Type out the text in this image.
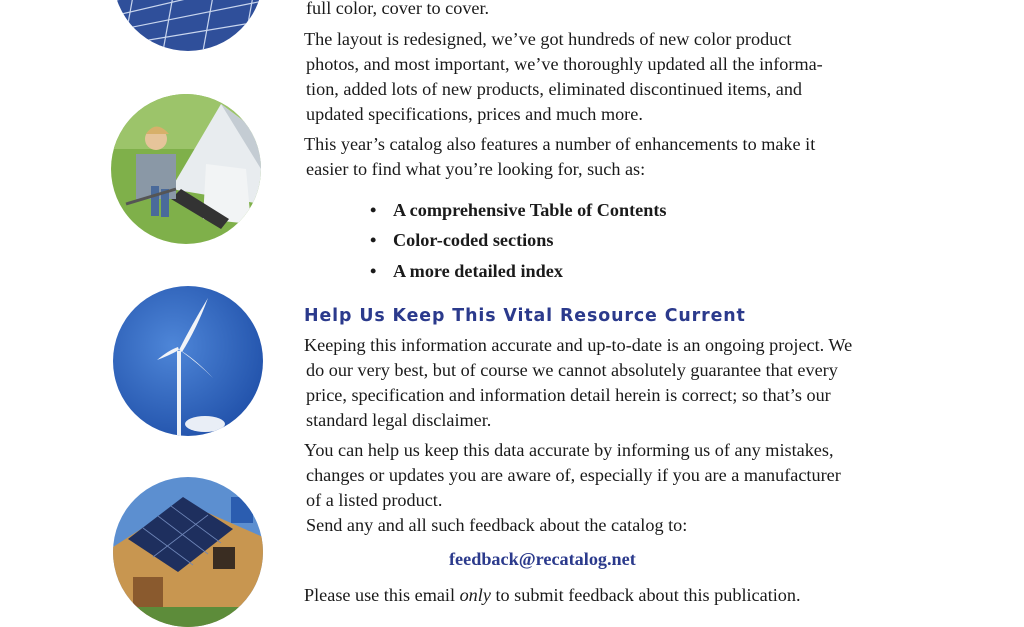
full color, cover to cover.
The layout is redesigned, we’ve got hundreds of new color product
photos, and most important, we’ve thoroughly updated all the informa-
tion, added lots of new products, eliminated discontinued items, and
updated specifications, prices and much more.
This year’s catalog also features a number of enhancements to make it
easier to find what you’re looking for, such as:
• A comprehensive Table of Contents
• Color-coded sections
• A more detailed index
Help Us Keep This Vital Resource Current
Keeping this information accurate and up-to-date is an ongoing project. We
do our very best, but of course we cannot absolutely guarantee that every
price, specification and information detail herein is correct; so that’s our
standard legal disclaimer.
You can help us keep this data accurate by informing us of any mistakes,
changes or updates you are aware of, especially if you are a manufacturer
of a listed product.
Send any and all such feedback about the catalog to:
feedback@recatalog.net
Please use this email only to submit feedback about this publication.
